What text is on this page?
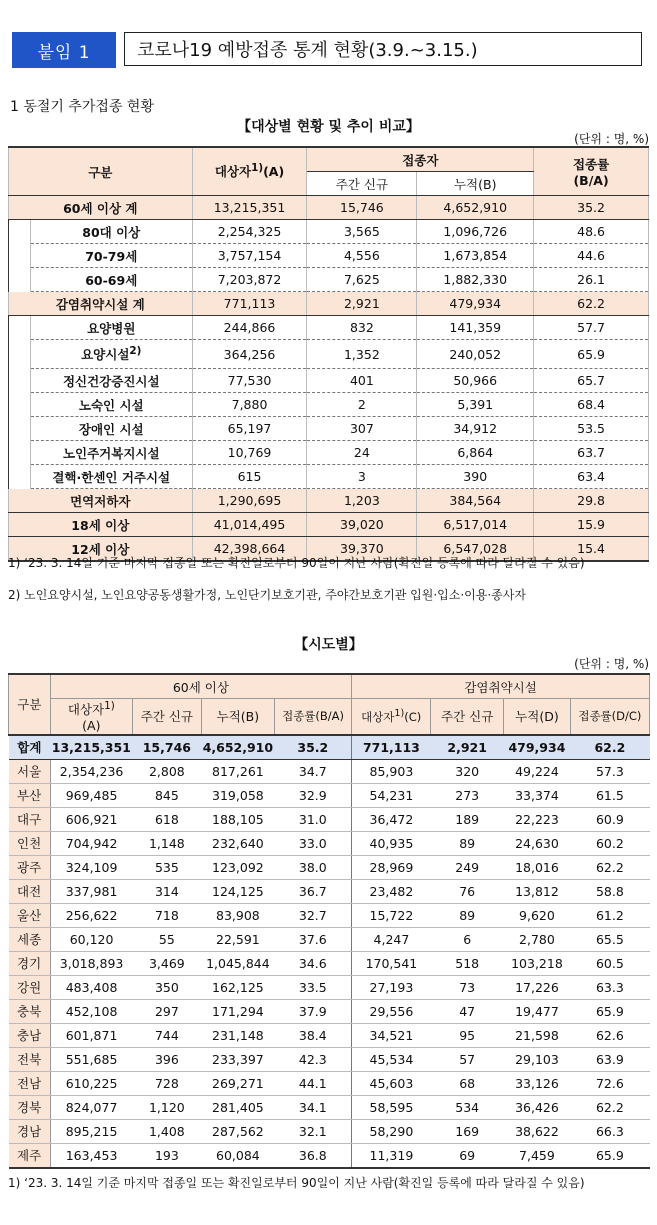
붙임 1	코로나19 예방접종 통계 현황(3.9.~3.15.)
1 동절기 추가접종 현황
【대상별 현황 및 추이 비교】
(단위 : 명, %)
구분		대상자$^{1)}$(A)	접종자		접종률
(B/A)
			주간 신규	누적(B)	
60세 이상 계		13,215,351	15,746	4,652,910	35.2
	80대 이상	2,254,325	3,565	1,096,726	48.6
	70-79세	3,757,154	4,556	1,673,854	44.6
	60-69세	7,203,872	7,625	1,882,330	26.1
감염취약시설 계		771,113	2,921	479,934	62.2
	요양병원	244,866	832	141,359	57.7
	요양시설$^{2)}$	364,256	1,352	240,052	65.9
	정신건강증진시설	77,530	401	50,966	65.7
	노숙인 시설	7,880	2	5,391	68.4
	장애인 시설	65,197	307	34,912	53.5
	노인주거복지시설	10,769	24	6,864	63.7
	결핵·한센인 거주시설	615	3	390	63.4
면역저하자		1,290,695	1,203	384,564	29.8
18세 이상		41,014,495	39,020	6,517,014	15.9
12세 이상		42,398,664	39,370	6,547,028	15.4
1) ‘23. 3. 14일 기준 마지막 접종일 또는 확진일로부터 90일이 지난 사람(확진일 등록에 따라 달라질 수 있음)
2) 노인요양시설, 노인요양공동생활가정, 노인단기보호기관, 주야간보호기관 입원·입소·이용·종사자
【시도별】
(단위 : 명, %)
구분	60세 이상				감염취약시설			
	대상자$^{1)}$
(A)	주간 신규	누적(B)	접종률(B/A)	대상자$^{1)}$(C)	주간 신규	누적(D)	접종률(D/C)
합계	13,215,351	15,746	4,652,910	35.2	771,113	2,921	479,934	62.2
서울	2,354,236	2,808	817,261	34.7	85,903	320	49,224	57.3
부산	969,485	845	319,058	32.9	54,231	273	33,374	61.5
대구	606,921	618	188,105	31.0	36,472	189	22,223	60.9
인천	704,942	1,148	232,640	33.0	40,935	89	24,630	60.2
광주	324,109	535	123,092	38.0	28,969	249	18,016	62.2
대전	337,981	314	124,125	36.7	23,482	76	13,812	58.8
울산	256,622	718	83,908	32.7	15,722	89	9,620	61.2
세종	60,120	55	22,591	37.6	4,247	6	2,780	65.5
경기	3,018,893	3,469	1,045,844	34.6	170,541	518	103,218	60.5
강원	483,408	350	162,125	33.5	27,193	73	17,226	63.3
충북	452,108	297	171,294	37.9	29,556	47	19,477	65.9
충남	601,871	744	231,148	38.4	34,521	95	21,598	62.6
전북	551,685	396	233,397	42.3	45,534	57	29,103	63.9
전남	610,225	728	269,271	44.1	45,603	68	33,126	72.6
경북	824,077	1,120	281,405	34.1	58,595	534	36,426	62.2
경남	895,215	1,408	287,562	32.1	58,290	169	38,622	66.3
제주	163,453	193	60,084	36.8	11,319	69	7,459	65.9
1) ‘23. 3. 14일 기준 마지막 접종일 또는 확진일로부터 90일이 지난 사람(확진일 등록에 따라 달라질 수 있음)
